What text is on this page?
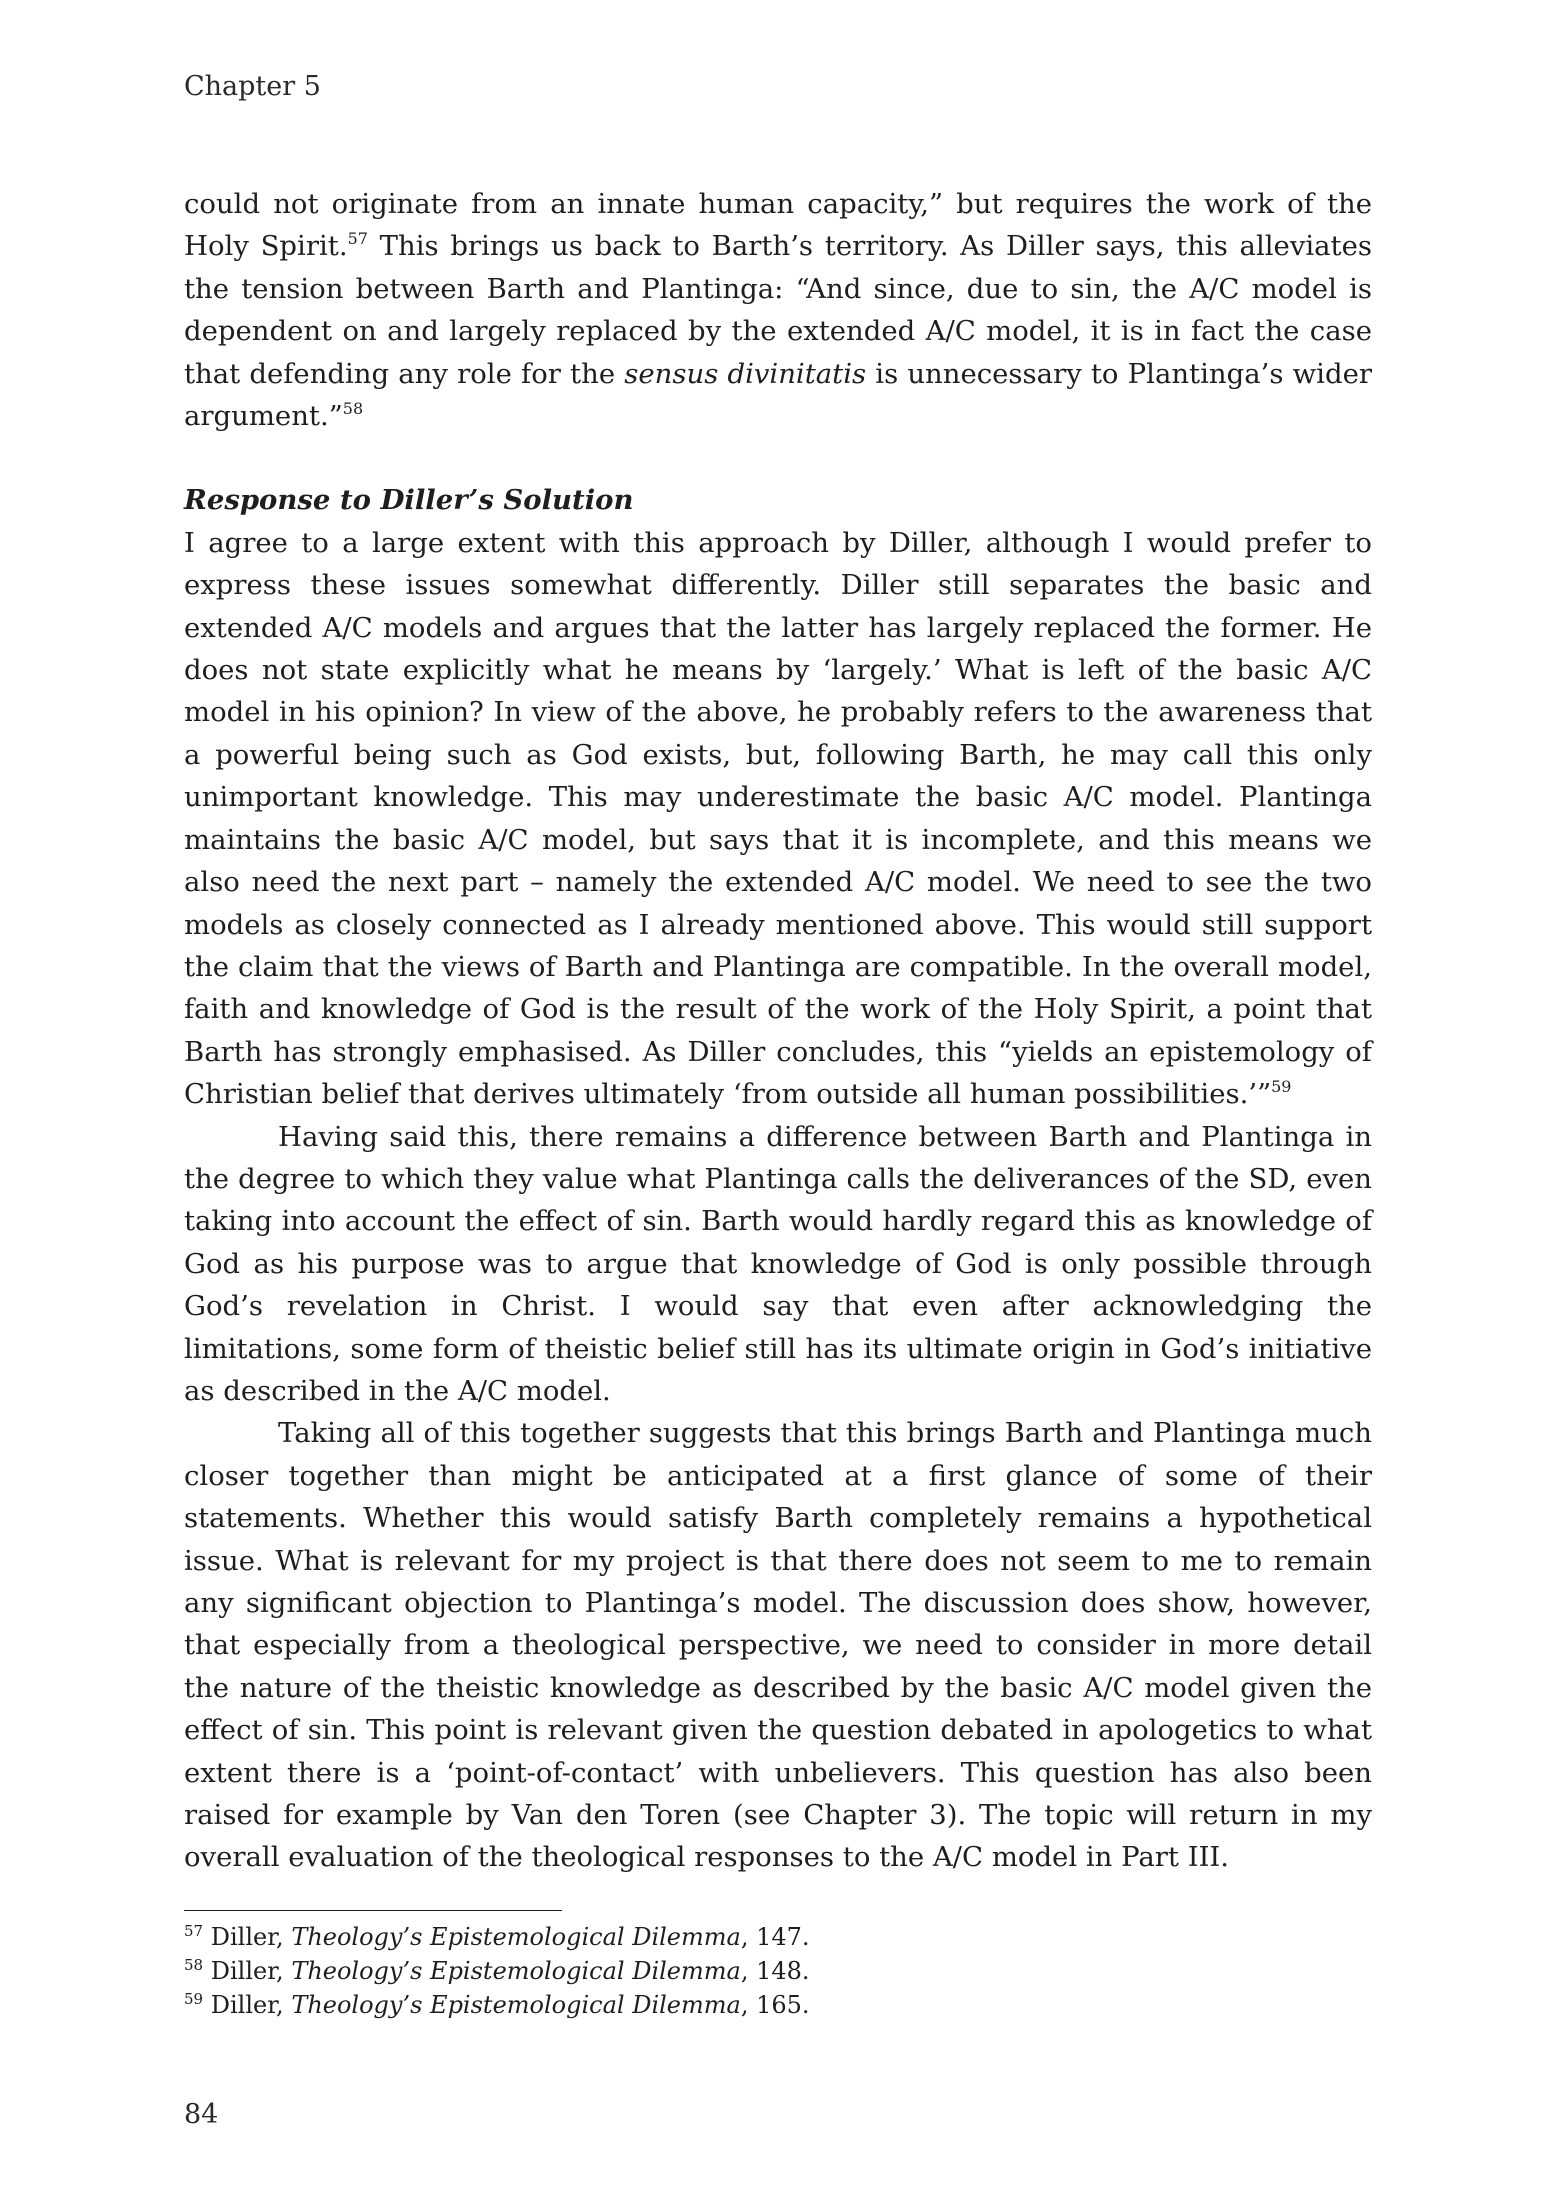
Chapter 5

could not originate from an innate human capacity,” but requires the work of the Holy Spirit.$^{57}$ This brings us back to Barth’s territory. As Diller says, this alleviates the tension between Barth and Plantinga: “And since, due to sin, the A/C model is dependent on and largely replaced by the extended A/C model, it is in fact the case that defending any role for the sensus divinitatis is unnecessary to Plantinga’s wider argument.”$^{58}$

Response to Diller’s Solution

I agree to a large extent with this approach by Diller, although I would prefer to express these issues somewhat differently. Diller still separates the basic and extended A/C models and argues that the latter has largely replaced the former. He does not state explicitly what he means by ‘largely.’ What is left of the basic A/C model in his opinion? In view of the above, he probably refers to the awareness that a powerful being such as God exists, but, following Barth, he may call this only unimportant knowledge. This may underestimate the basic A/C model. Plantinga maintains the basic A/C model, but says that it is incomplete, and this means we also need the next part – namely the extended A/C model. We need to see the two models as closely connected as I already mentioned above. This would still support the claim that the views of Barth and Plantinga are compatible. In the overall model, faith and knowledge of God is the result of the work of the Holy Spirit, a point that Barth has strongly emphasised. As Diller concludes, this “yields an epistemology of Christian belief that derives ultimately ‘from outside all human possibilities.’”$^{59}$

Having said this, there remains a difference between Barth and Plantinga in the degree to which they value what Plantinga calls the deliverances of the SD, even taking into account the effect of sin. Barth would hardly regard this as knowledge of God as his purpose was to argue that knowledge of God is only possible through God’s revelation in Christ. I would say that even after acknowledging the limitations, some form of theistic belief still has its ultimate origin in God’s initiative as described in the A/C model.

Taking all of this together suggests that this brings Barth and Plantinga much closer together than might be anticipated at a first glance of some of their statements. Whether this would satisfy Barth completely remains a hypothetical issue. What is relevant for my project is that there does not seem to me to remain any significant objection to Plantinga’s model. The discussion does show, however, that especially from a theological perspective, we need to consider in more detail the nature of the theistic knowledge as described by the basic A/C model given the effect of sin. This point is relevant given the question debated in apologetics to what extent there is a ‘point-of-contact’ with unbelievers. This question has also been raised for example by Van den Toren (see Chapter 3). The topic will return in my overall evaluation of the theological responses to the A/C model in Part III.

$^{57}$ Diller, Theology’s Epistemological Dilemma, 147.
$^{58}$ Diller, Theology’s Epistemological Dilemma, 148.
$^{59}$ Diller, Theology’s Epistemological Dilemma, 165.
84
